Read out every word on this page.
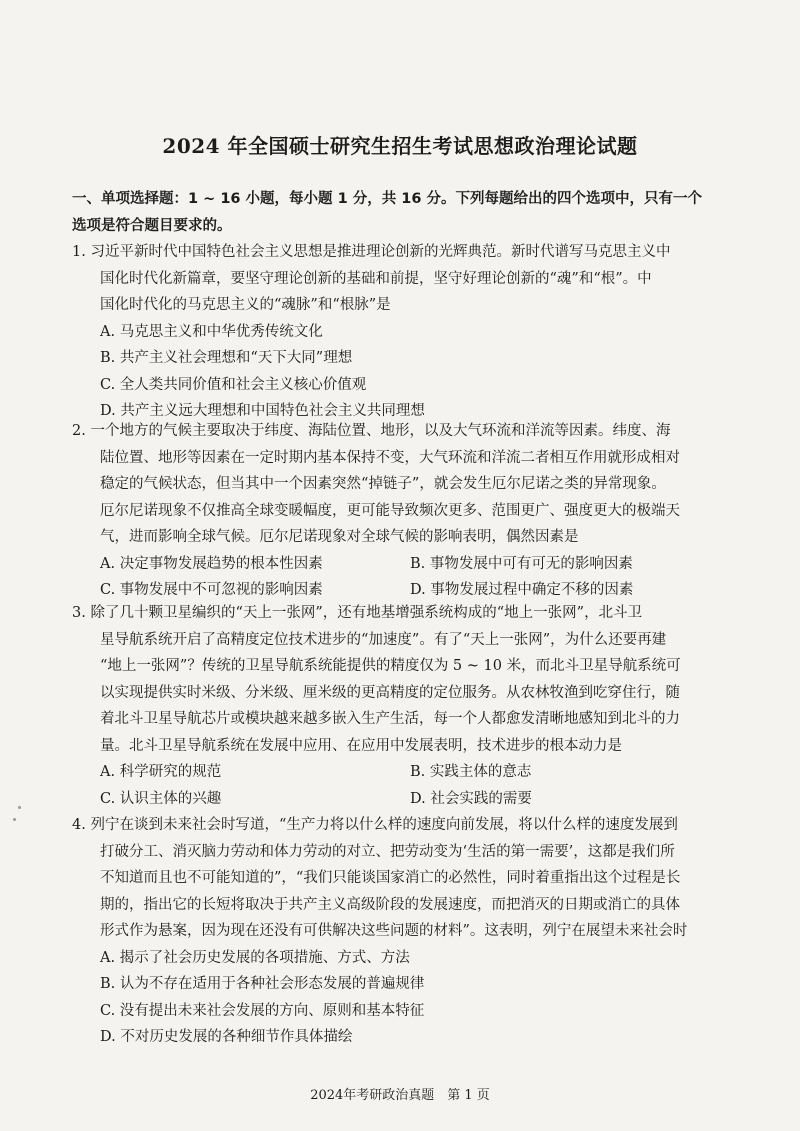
2024 年全国硕士研究生招生考试思想政治理论试题
一、单项选择题：1 ~ 16 小题，每小题 1 分，共 16 分。下列每题给出的四个选项中，只有一个
选项是符合题目要求的。
1. 习近平新时代中国特色社会主义思想是推进理论创新的光辉典范。新时代谱写马克思主义中
国化时代化新篇章，要坚守理论创新的基础和前提，坚守好理论创新的“魂”和“根”。中
国化时代化的马克思主义的“魂脉”和“根脉”是
A. 马克思主义和中华优秀传统文化
B. 共产主义社会理想和“天下大同”理想
C. 全人类共同价值和社会主义核心价值观
D. 共产主义远大理想和中国特色社会主义共同理想
2. 一个地方的气候主要取决于纬度、海陆位置、地形，以及大气环流和洋流等因素。纬度、海
陆位置、地形等因素在一定时期内基本保持不变，大气环流和洋流二者相互作用就形成相对
稳定的气候状态，但当其中一个因素突然“掉链子”，就会发生厄尔尼诺之类的异常现象。
厄尔尼诺现象不仅推高全球变暖幅度，更可能导致频次更多、范围更广、强度更大的极端天
气，进而影响全球气候。厄尔尼诺现象对全球气候的影响表明，偶然因素是
A. 决定事物发展趋势的根本性因素	B. 事物发展中可有可无的影响因素
C. 事物发展中不可忽视的影响因素	D. 事物发展过程中确定不移的因素
3. 除了几十颗卫星编织的“天上一张网”，还有地基增强系统构成的“地上一张网”，北斗卫
星导航系统开启了高精度定位技术进步的“加速度”。有了“天上一张网”，为什么还要再建
“地上一张网”？传统的卫星导航系统能提供的精度仅为 5 ~ 10 米，而北斗卫星导航系统可
以实现提供实时米级、分米级、厘米级的更高精度的定位服务。从农林牧渔到吃穿住行，随
着北斗卫星导航芯片或模块越来越多嵌入生产生活，每一个人都愈发清晰地感知到北斗的力
量。北斗卫星导航系统在发展中应用、在应用中发展表明，技术进步的根本动力是
A. 科学研究的规范	B. 实践主体的意志
C. 认识主体的兴趣	D. 社会实践的需要
4. 列宁在谈到未来社会时写道，“生产力将以什么样的速度向前发展，将以什么样的速度发展到
打破分工、消灭脑力劳动和体力劳动的对立、把劳动变为‘生活的第一需要’，这都是我们所
不知道而且也不可能知道的”，“我们只能谈国家消亡的必然性，同时着重指出这个过程是长
期的，指出它的长短将取决于共产主义高级阶段的发展速度，而把消灭的日期或消亡的具体
形式作为悬案，因为现在还没有可供解决这些问题的材料”。这表明，列宁在展望未来社会时
A. 揭示了社会历史发展的各项措施、方式、方法
B. 认为不存在适用于各种社会形态发展的普遍规律
C. 没有提出未来社会发展的方向、原则和基本特征
D. 不对历史发展的各种细节作具体描绘
2024年考研政治真题　第 1 页
